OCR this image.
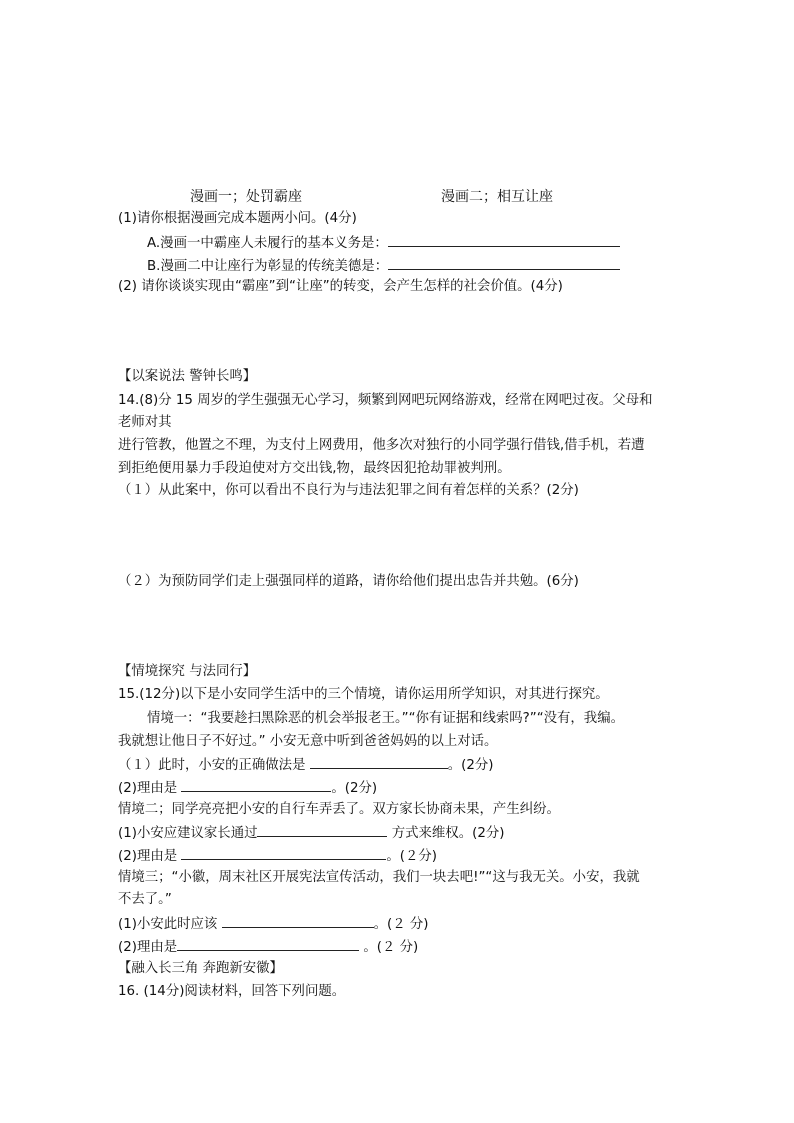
漫画一；处罚霸座	漫画二；相互让座
(1)请你根据漫画完成本题两小问。(4分)
A.漫画一中霸座人未履行的基本义务是：
B.漫画二中让座行为彰显的传统美德是：
(2) 请你谈谈实现由“霸座”到“让座”的转变，会产生怎样的社会价值。(4分)
【以案说法 警钟长鸣】
14.(8)分 15 周岁的学生强强无心学习，频繁到网吧玩网络游戏，经常在网吧过夜。父母和
老师对其
进行管教，他置之不理，为支付上网费用，他多次对独行的小同学强行借钱,借手机，若遭
到拒绝便用暴力手段迫使对方交出钱,物，最终因犯抢劫罪被判刑。
（１）从此案中，你可以看出不良行为与违法犯罪之间有着怎样的关系？(2分)
（２）为预防同学们走上强强同样的道路，请你给他们提出忠告并共勉。(6分)
【情境探究 与法同行】
15.(12分)以下是小安同学生活中的三个情境，请你运用所学知识，对其进行探究。
情境一：“我要趁扫黑除恶的机会举报老王。”“你有证据和线索吗?”“没有，我编。
我就想让他日子不好过。” 小安无意中听到爸爸妈妈的以上对话。
（１）此时，小安的正确做法是	。(2分)
(2)理由是	。(2分)
情境二；同学亮亮把小安的自行车弄丢了。双方家长协商未果，产生纠纷。
(1)小安应建议家长通过	方式来维权。(2分)
(2)理由是	。(２分)
情境三；“小徽，周末社区开展宪法宣传活动，我们一块去吧!”“这与我无关。小安，我就
不去了。”
(1)小安此时应该	。(２ 分)
(2)理由是	。(２ 分)
【融入长三角 奔跑新安徽】
16. (14分)阅读材料，回答下列问题。
